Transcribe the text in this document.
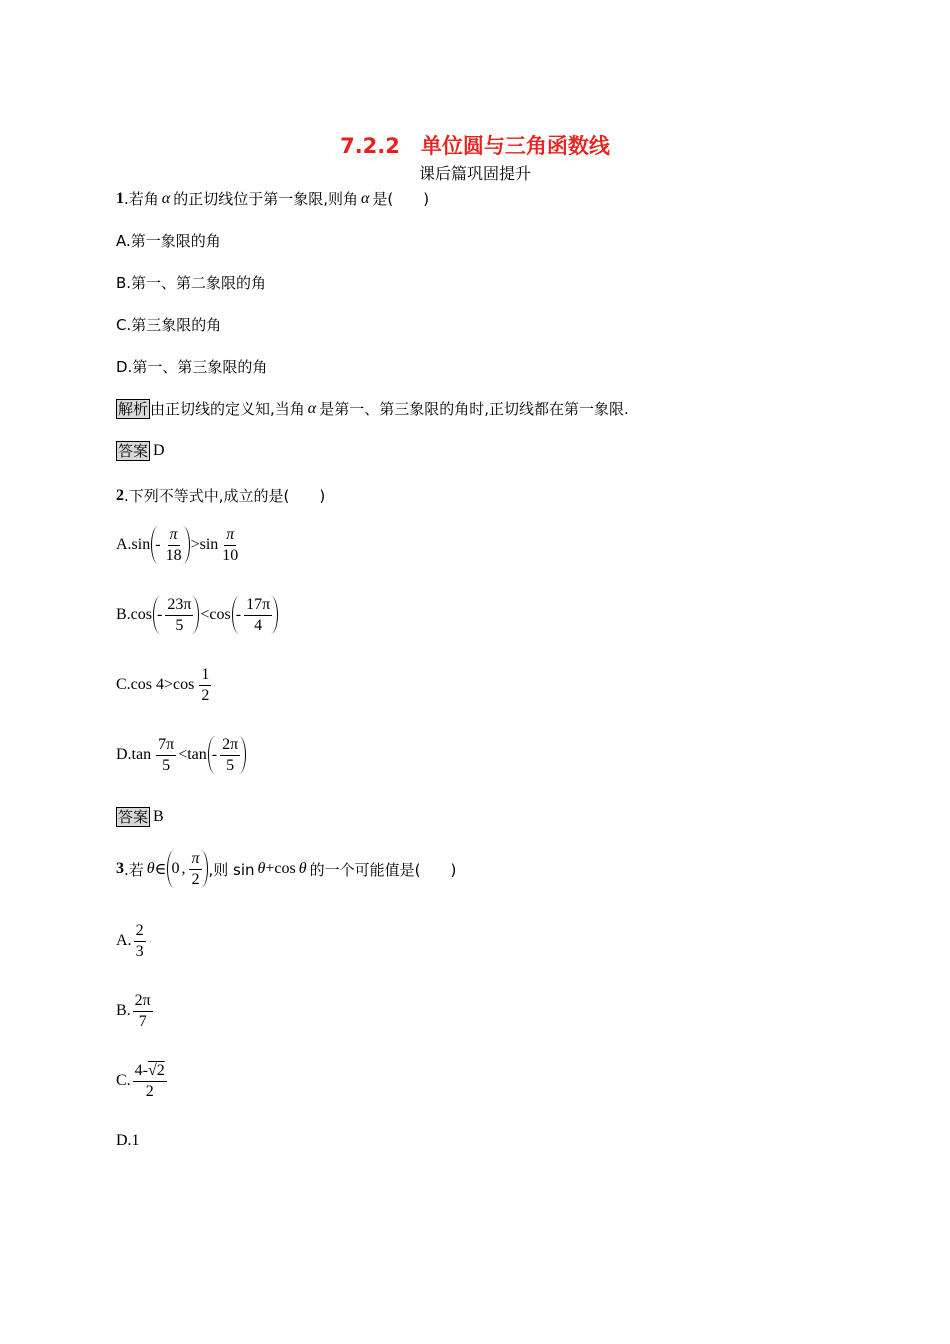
7.2.2　单位圆与三角函数线
课后篇巩固提升
1 .若角 α 的正切线位于第一象限,则角 α 是(　　)
A.第一象限的角
B.第一、第二象限的角
C.第三象限的角
D.第一、第三象限的角
解析 由正切线的定义知,当角 α 是第一、第三象限的角时,正切线都在第一象限.
答案 D
2 .下列不等式中,成立的是(　　)
$A.\sin - \frac{\pi}{18} >\sin \frac{\pi}{10}$
$B.\cos - \frac{23\pi}{5} <\cos - \frac{17\pi}{4}$
C.cos $4>\cos \frac{1}{2}$
$D.\tan \frac{7\pi}{5} <\tan - \frac{2\pi}{5}$
答案 B
3 .若 θ ∈ 0 , $\frac{\pi}{2}$ ,则 sin θ +cos θ 的一个可能值是(　　)
A. $\frac{2}{3}$
B. $\frac{2\pi}{7}$
C. $\frac{4-√2}{2}$
D.1
